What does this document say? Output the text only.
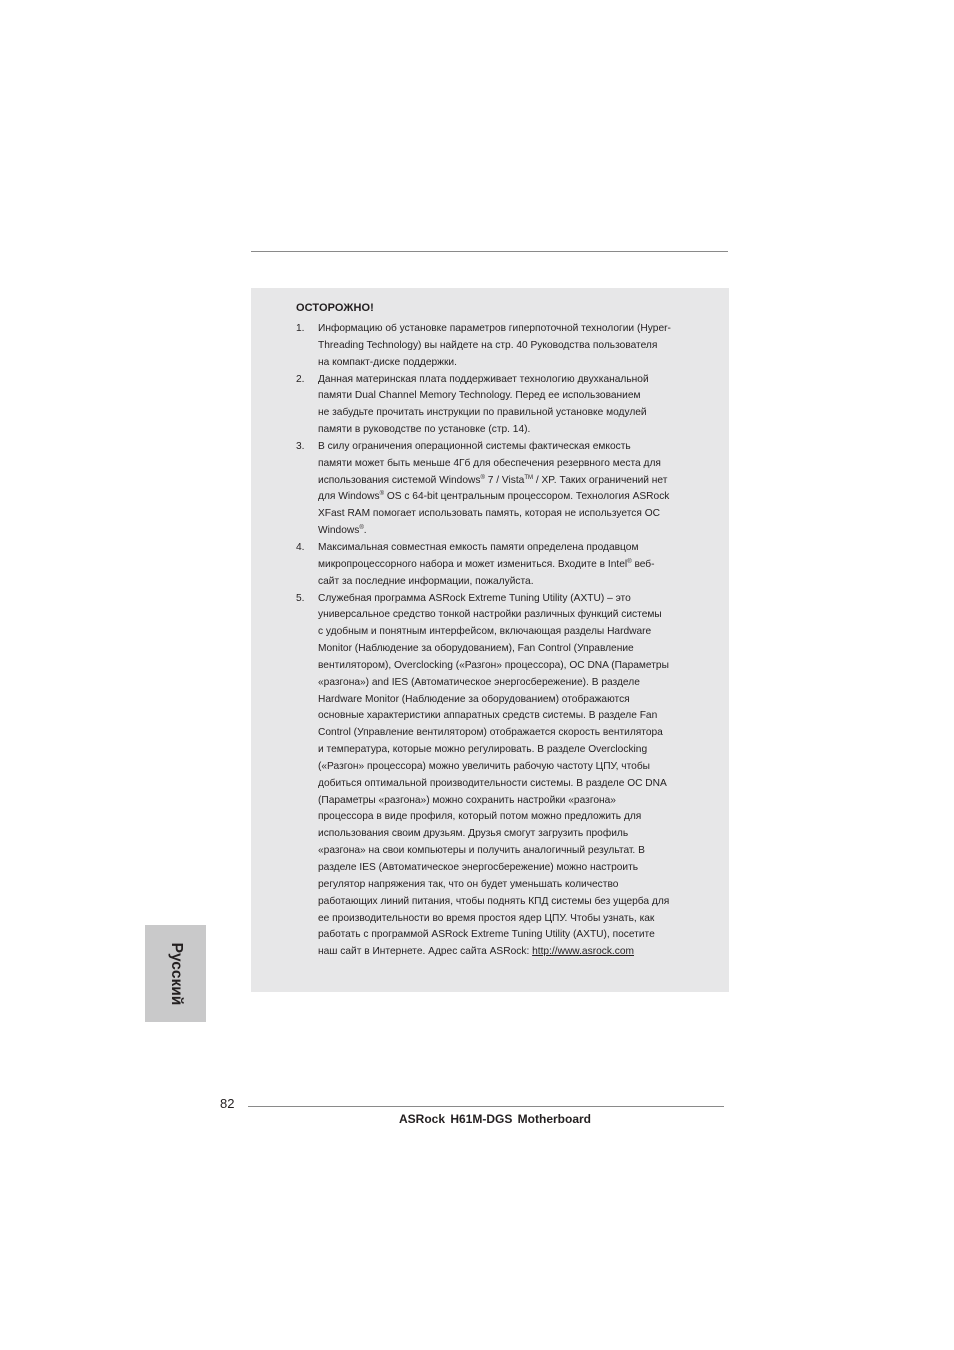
ОСТОРОЖНО!
1. Информацию об установке параметров гиперпоточной технологии (Hyper-
Threading Technology) вы найдете на стр. 40 Руководства пользователя
на компакт-диске поддержки.
2. Данная материнская плата поддерживает технологию двухканальной
памяти Dual Channel Memory Technology. Перед ее использованием
не забудьте прочитать инструкции по правильной установке модулей
памяти в руководстве по установке (стр. 14).
3. В силу ограничения операционной системы фактическая емкость
памяти может быть меньше 4Гб для обеспечения резервного места для
использования системой Windows® 7 / Vista™ / XP. Таких ограничений нет
для Windows® OS с 64-bit центральным процессором. Технология ASRock
XFast RAM помогает использовать память, которая не используется ОС
Windows®.
4. Максимальная совместная емкость памяти определена продавцом
микропроцессорного набора и может измениться. Входите в Intel® веб-
сайт за последние информации, пожалуйста.
5. Служебная программа ASRock Extreme Tuning Utility (AXTU) – это
универсальное средство тонкой настройки различных функций системы
с удобным и понятным интерфейсом, включающая разделы Hardware
Monitor (Наблюдение за оборудованием), Fan Control (Управление
вентилятором), Overclocking («Разгон» процессора), OC DNA (Параметры
«разгона») and IES (Автоматическое энергосбережение). В разделе
Hardware Monitor (Наблюдение за оборудованием) отображаются
основные характеристики аппаратных средств системы. В разделе Fan
Control (Управление вентилятором) отображается скорость вентилятора
и температура, которые можно регулировать. В разделе Overclocking
(«Разгон» процессора) можно увеличить рабочую частоту ЦПУ, чтобы
добиться оптимальной производительности системы. В разделе OC DNA
(Параметры «разгона») можно сохранить настройки «разгона»
процессора в виде профиля, который потом можно предложить для
использования своим друзьям. Друзья смогут загрузить профиль
«разгона» на свои компьютеры и получить аналогичный результат. В
разделе IES (Автоматическое энергосбережение) можно настроить
регулятор напряжения так, что он будет уменьшать количество
работающих линий питания, чтобы поднять КПД системы без ущерба для
ее производительности во время простоя ядер ЦПУ. Чтобы узнать, как
работать с программой ASRock Extreme Tuning Utility (AXTU), посетите
наш сайт в Интернете. Адрес сайта ASRock: http://www.asrock.com
Русский
82
ASRock H61M-DGS Motherboard
